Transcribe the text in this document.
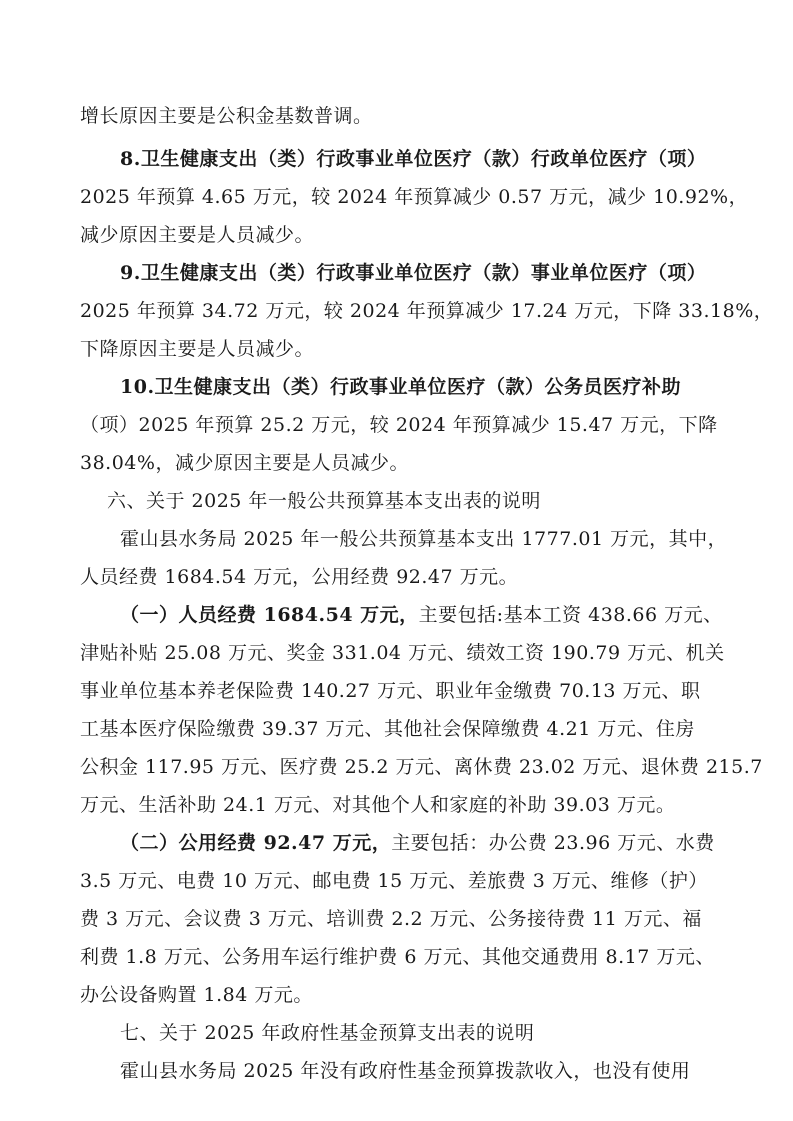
增长原因主要是公积金基数普调。
8.卫生健康支出（类）行政事业单位医疗（款）行政单位医疗（项）
2025 年预算 4.65 万元，较 2024 年预算减少 0.57 万元，减少 10.92%，
减少原因主要是人员减少。
9.卫生健康支出（类）行政事业单位医疗（款）事业单位医疗（项）
2025 年预算 34.72 万元，较 2024 年预算减少 17.24 万元，下降 33.18%，
下降原因主要是人员减少。
10.卫生健康支出（类）行政事业单位医疗（款）公务员医疗补助
（项）2025 年预算 25.2 万元，较 2024 年预算减少 15.47 万元，下降
38.04%，减少原因主要是人员减少。
六、关于 2025 年一般公共预算基本支出表的说明
霍山县水务局 2025 年一般公共预算基本支出 1777.01 万元，其中，
人员经费 1684.54 万元，公用经费 92.47 万元。
（一）人员经费 1684.54 万元，主要包括:基本工资 438.66 万元、
津贴补贴 25.08 万元、奖金 331.04 万元、绩效工资 190.79 万元、机关
事业单位基本养老保险费 140.27 万元、职业年金缴费 70.13 万元、职
工基本医疗保险缴费 39.37 万元、其他社会保障缴费 4.21 万元、住房
公积金 117.95 万元、医疗费 25.2 万元、离休费 23.02 万元、退休费 215.7
万元、生活补助 24.1 万元、对其他个人和家庭的补助 39.03 万元。
（二）公用经费 92.47 万元，主要包括：办公费 23.96 万元、水费
3.5 万元、电费 10 万元、邮电费 15 万元、差旅费 3 万元、维修（护）
费 3 万元、会议费 3 万元、培训费 2.2 万元、公务接待费 11 万元、福
利费 1.8 万元、公务用车运行维护费 6 万元、其他交通费用 8.17 万元、
办公设备购置 1.84 万元。
七、关于 2025 年政府性基金预算支出表的说明
霍山县水务局 2025 年没有政府性基金预算拨款收入，也没有使用
